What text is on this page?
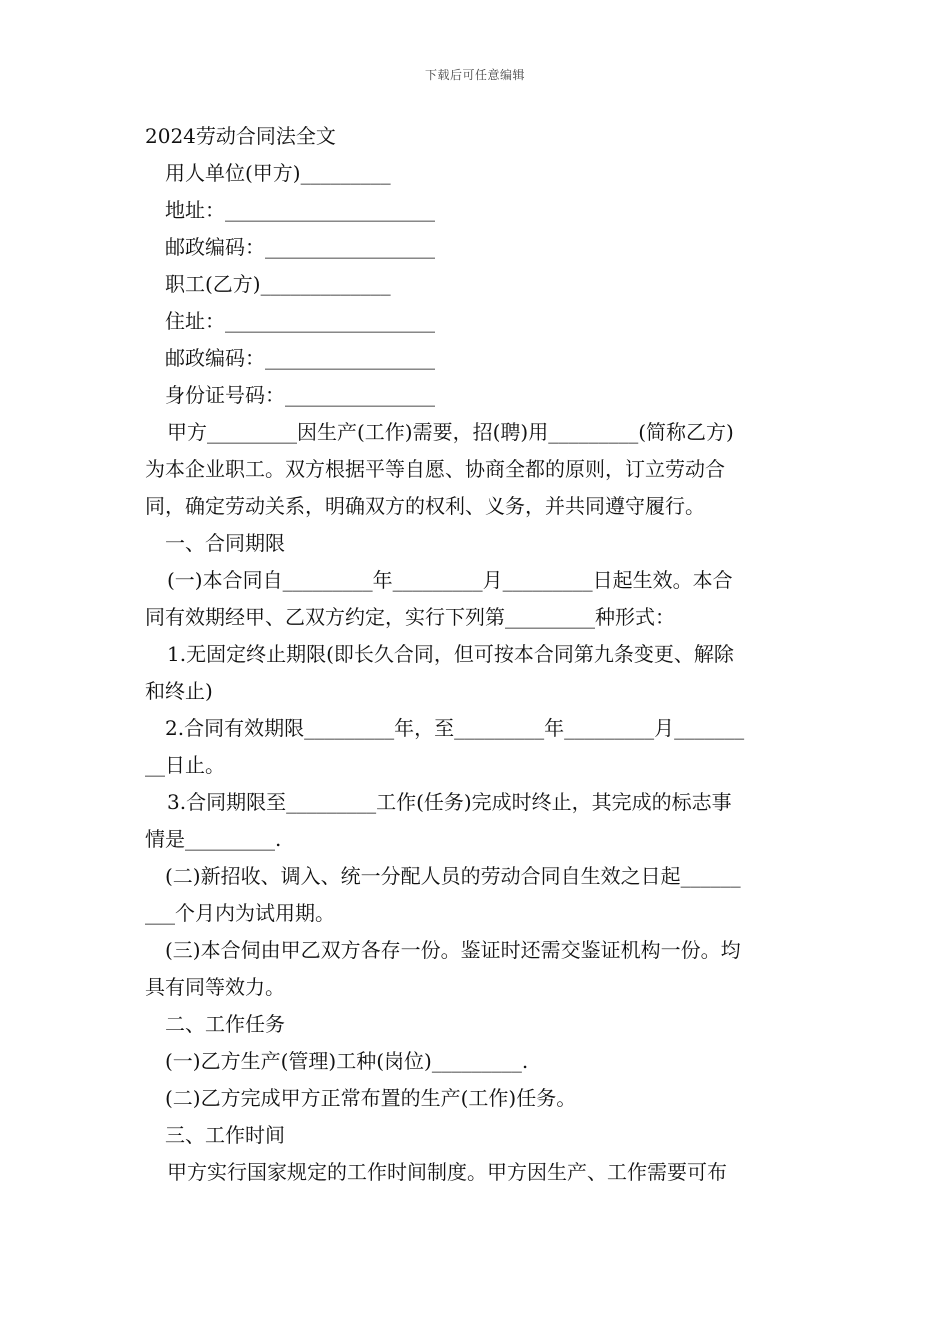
下载后可任意编辑
2024劳动合同法全文
用人单位(甲方)_________
地址：_____________________
邮政编码：_________________
职工(乙方)_____________
住址：_____________________
邮政编码：_________________
身份证号码：_______________
甲方_________因生产(工作)需要，招(聘)用_________(简称乙方)
为本企业职工。双方根据平等自愿、协商全都的原则，订立劳动合
同，确定劳动关系，明确双方的权利、义务，并共同遵守履行。
一、合同期限
(一)本合同自_________年_________月_________日起生效。本合
同有效期经甲、乙双方约定，实行下列第_________种形式：
1.无固定终止期限(即长久合同，但可按本合同第九条变更、解除
和终止)
2.合同有效期限_________年，至_________年_________月_______
__日止。
3.合同期限至_________工作(任务)完成时终止，其完成的标志事
情是_________.
(二)新招收、调入、统一分配人员的劳动合同自生效之日起______
___个月内为试用期。
(三)本合伺由甲乙双方各存一份。鉴证时还需交鉴证机构一份。均
具有同等效力。
二、工作任务
(一)乙方生产(管理)工种(岗位)_________.
(二)乙方完成甲方正常布置的生产(工作)任务。
三、工作时间
甲方实行国家规定的工作时间制度。甲方因生产、工作需要可布
